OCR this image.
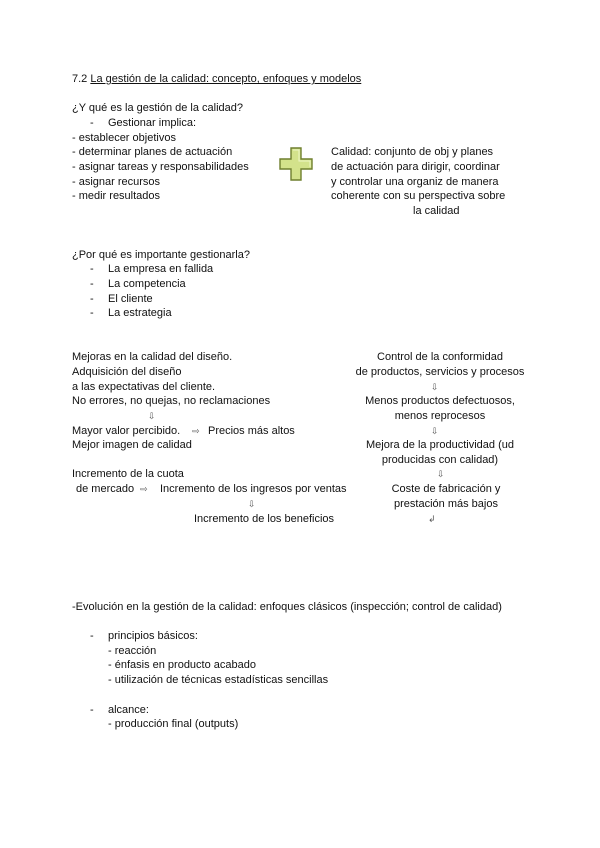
7.2 La gestión de la calidad: concepto, enfoques y modelos
¿Y qué es la gestión de la calidad?
- Gestionar implica:
- establecer objetivos
- determinar planes de actuación
- asignar tareas y responsabilidades
- asignar recursos
- medir resultados
Calidad: conjunto de obj y planes
de actuación para dirigir, coordinar
y controlar una organiz de manera
coherente con su perspectiva sobre
la calidad
¿Por qué es importante gestionarla?
- La empresa en fallida
- La competencia
- El cliente
- La estrategia
Mejoras en la calidad del diseño.
Adquisición del diseño
a las expectativas del cliente.
No errores, no quejas, no reclamaciones
⇩
Mayor valor percibido. ⇨ Precios más altos
Mejor imagen de calidad
Incremento de la cuota
de mercado ⇨ Incremento de los ingresos por ventas
⇩
Incremento de los beneficios
Control de la conformidad
de productos, servicios y procesos
⇩
Menos productos defectuosos,
menos reprocesos
⇩
Mejora de la productividad (ud
producidas con calidad)
⇩
Coste de fabricación y
prestación más bajos
↲
-Evolución en la gestión de la calidad: enfoques clásicos (inspección; control de calidad)
- principios básicos:
- reacción
- énfasis en producto acabado
- utilización de técnicas estadísticas sencillas
- alcance:
- producción final (outputs)
